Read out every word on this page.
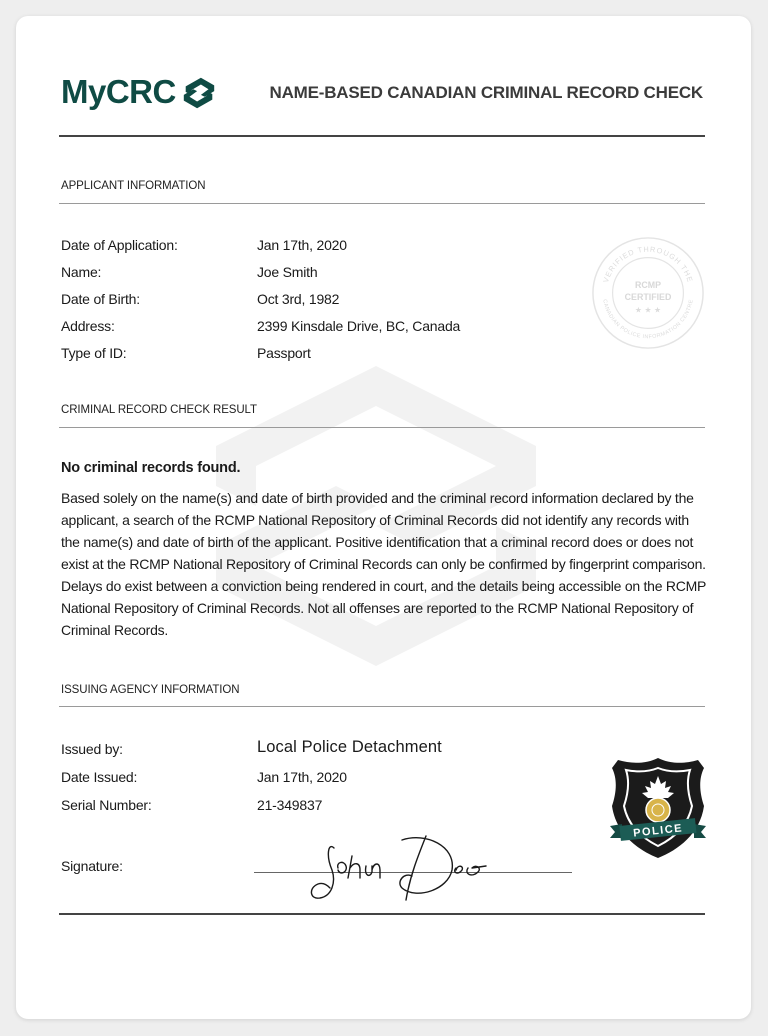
MyCRC	NAME-BASED CANADIAN CRIMINAL RECORD CHECK
APPLICANT INFORMATION
Date of Application:	Jan 17th, 2020
Name:	Joe Smith
Date of Birth:	Oct 3rd, 1982
Address:	2399 Kinsdale Drive, BC, Canada
Type of ID:	Passport
VERIFIED THROUGH THE
CANADIAN POLICE INFORMATION CENTRE
RCMP
CERTIFIED
★ ★ ★
CRIMINAL RECORD CHECK RESULT
No criminal records found.
Based solely on the name(s) and date of birth provided and the criminal record information declared by the applicant, a search of the RCMP National Repository of Criminal Records did not identify any records with the name(s) and date of birth of the applicant. Positive identification that a criminal record does or does not exist at the RCMP National Repository of Criminal Records can only be confirmed by fingerprint comparison. Delays do exist between a conviction being rendered in court, and the details being accessible on the RCMP National Repository of Criminal Records. Not all offenses are reported to the RCMP National Repository of Criminal Records.
ISSUING AGENCY INFORMATION
Issued by:	Local Police Detachment
Date Issued:	Jan 17th, 2020
Serial Number:	21-349837
Signature:
POLICE
